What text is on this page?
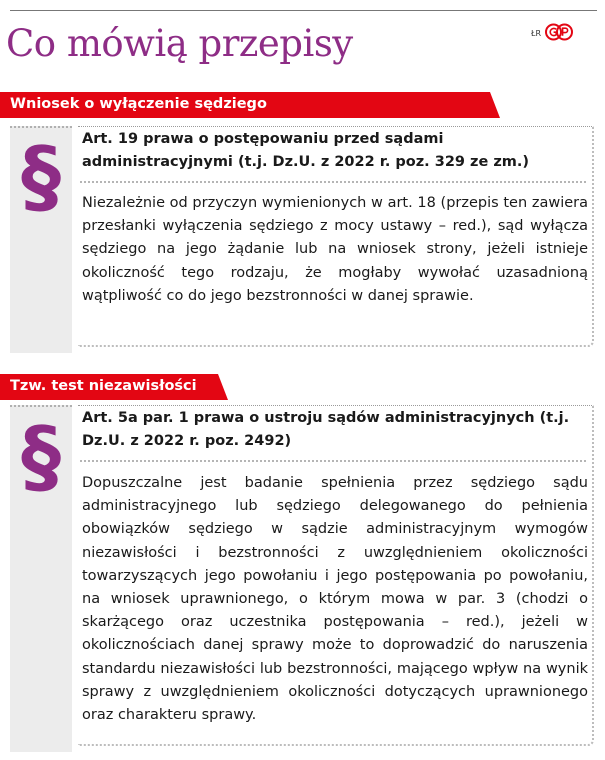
Co mówią przepisy	ŁR
Wniosek o wyłączenie sędziego
§	Art. 19 prawa o postępowaniu przed sądami administracyjnymi (t.j. Dz.U. z 2022 r. poz. 329 ze zm.)

Niezależnie od przyczyn wymienionych w art. 18 (przepis ten zawiera przesłanki wyłączenia sędziego z mocy ustawy – red.), sąd wyłącza sędziego na jego żądanie lub na wniosek strony, jeżeli istnieje okoliczność tego rodzaju, że mogłaby wywołać uzasadnioną wątpliwość co do jego bezstronności w danej sprawie.

Tzw. test niezawisłości
§	Art. 5a par. 1 prawa o ustroju sądów administracyjnych (t.j. Dz.U. z 2022 r. poz. 2492)

Dopuszczalne jest badanie spełnienia przez sędziego sądu administracyjnego lub sędziego delegowanego do pełnienia obowiązków sędziego w sądzie administracyjnym wymogów niezawisłości i bezstronności z uwzględnieniem okoliczności towarzyszących jego powołaniu i jego postępowania po powołaniu, na wniosek uprawnionego, o którym mowa w par. 3 (chodzi o skarżącego oraz uczestnika postępowania – red.), jeżeli w okolicznościach danej sprawy może to doprowadzić do naruszenia standardu niezawisłości lub bezstronności, mającego wpływ na wynik sprawy z uwzględnieniem okoliczności dotyczących uprawnionego oraz charakteru sprawy.
